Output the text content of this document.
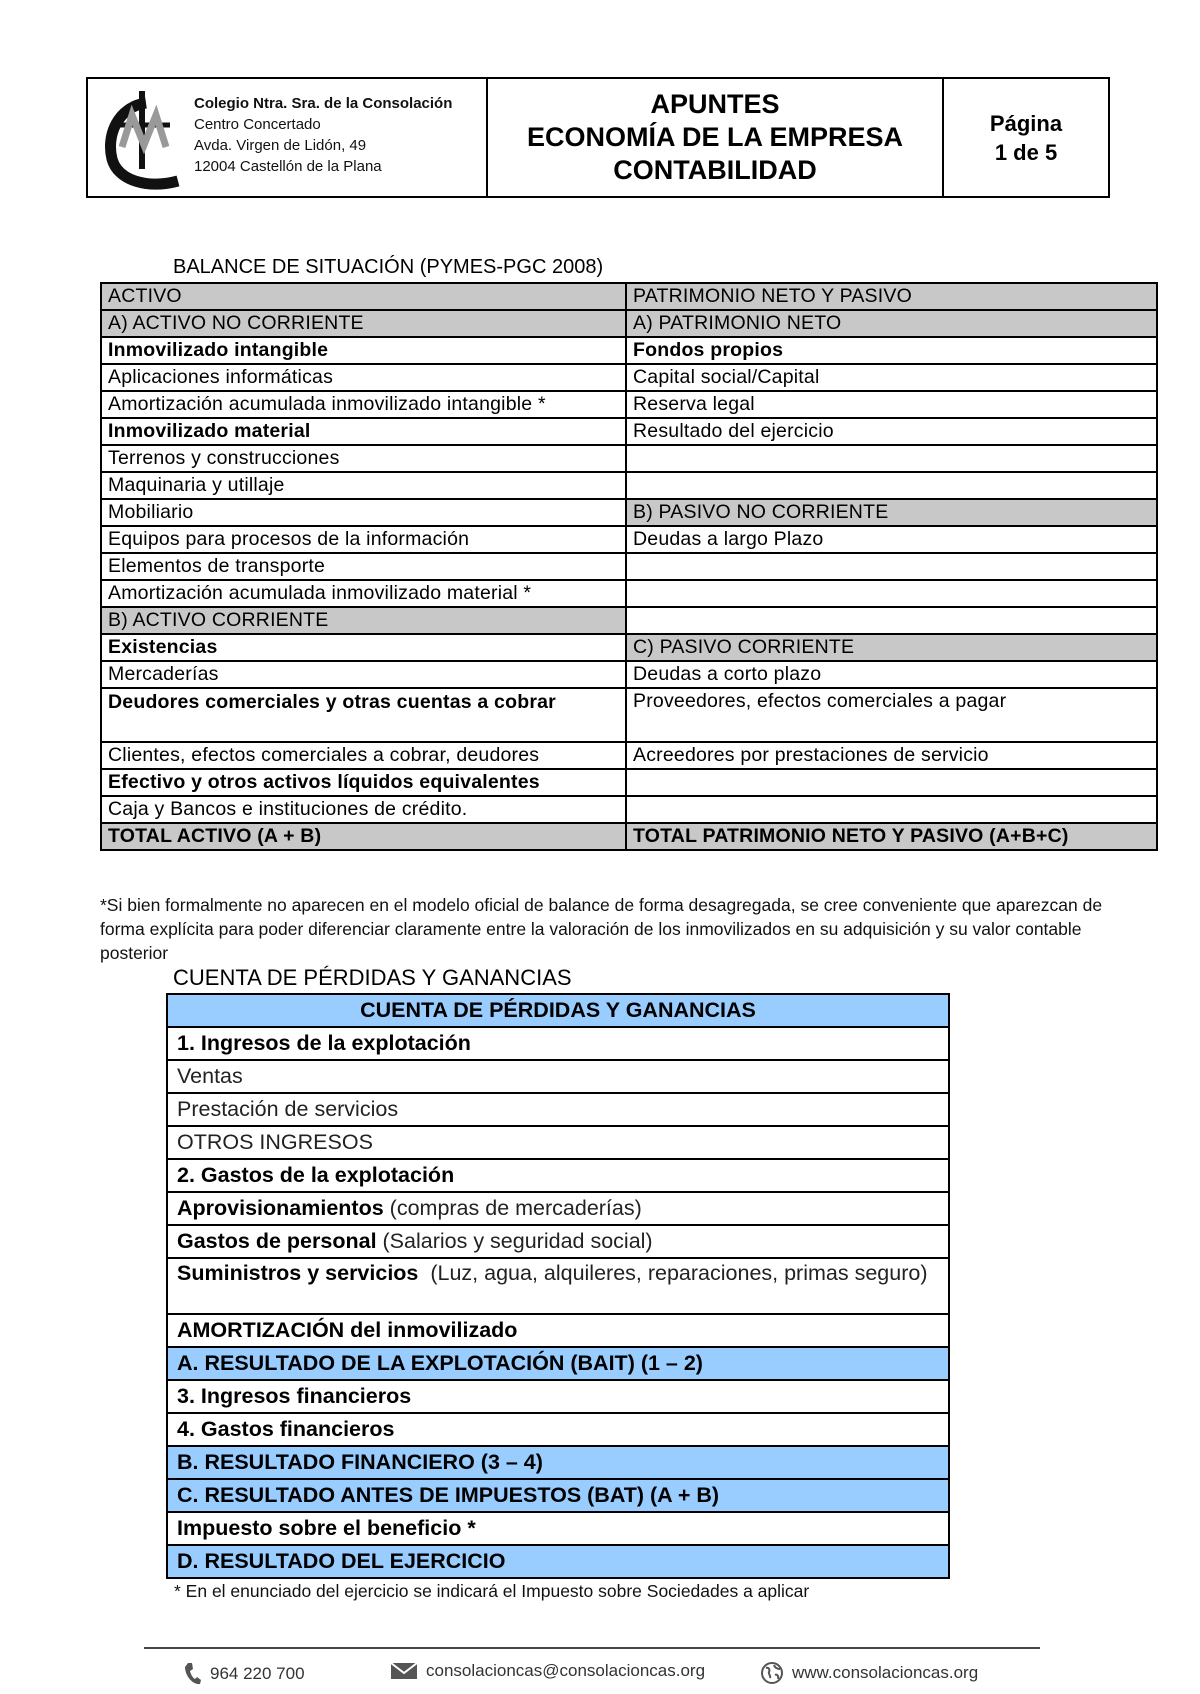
Colegio Ntra. Sra. de la Consolación
Centro Concertado
Avda. Virgen de Lidón, 49
12004 Castellón de la Plana
APUNTES
ECONOMÍA DE LA EMPRESA
CONTABILIDAD
Página
1 de 5
BALANCE DE SITUACIÓN (PYMES-PGC 2008)
ACTIVO	PATRIMONIO NETO Y PASIVO
A) ACTIVO NO CORRIENTE	A) PATRIMONIO NETO
Inmovilizado intangible	Fondos propios
Aplicaciones informáticas	Capital social/Capital
Amortización acumulada inmovilizado intangible *	Reserva legal
Inmovilizado material	Resultado del ejercicio
Terrenos y construcciones	
Maquinaria y utillaje	
Mobiliario	B) PASIVO NO CORRIENTE
Equipos para procesos de la información	Deudas a largo Plazo
Elementos de transporte	
Amortización acumulada inmovilizado material *	
B) ACTIVO CORRIENTE	
Existencias	C) PASIVO CORRIENTE
Mercaderías	Deudas a corto plazo
Deudores comerciales y otras cuentas a cobrar	Proveedores, efectos comerciales a pagar
Clientes, efectos comerciales a cobrar, deudores	Acreedores por prestaciones de servicio
Efectivo y otros activos líquidos equivalentes	
Caja y Bancos e instituciones de crédito.	
TOTAL ACTIVO (A + B)	TOTAL PATRIMONIO NETO Y PASIVO (A+B+C)
*Si bien formalmente no aparecen en el modelo oficial de balance de forma desagregada, se cree conveniente que aparezcan de forma explícita para poder diferenciar claramente entre la valoración de los inmovilizados en su adquisición y su valor contable posterior
CUENTA DE PÉRDIDAS Y GANANCIAS
CUENTA DE PÉRDIDAS Y GANANCIAS
1. Ingresos de la explotación
Ventas
Prestación de servicios
OTROS INGRESOS
2. Gastos de la explotación
Aprovisionamientos (compras de mercaderías)
Gastos de personal (Salarios y seguridad social)
Suministros y servicios  (Luz, agua, alquileres, reparaciones, primas seguro)
AMORTIZACIÓN del inmovilizado
A. RESULTADO DE LA EXPLOTACIÓN (BAIT) (1 – 2)
3. Ingresos financieros
4. Gastos financieros
B. RESULTADO FINANCIERO (3 – 4)
C. RESULTADO ANTES DE IMPUESTOS (BAT) (A + B)
Impuesto sobre el beneficio *
D. RESULTADO DEL EJERCICIO
* En el enunciado del ejercicio se indicará el Impuesto sobre Sociedades a aplicar
964 220 700	consolacioncas@consolacioncas.org	www.consolacioncas.org
